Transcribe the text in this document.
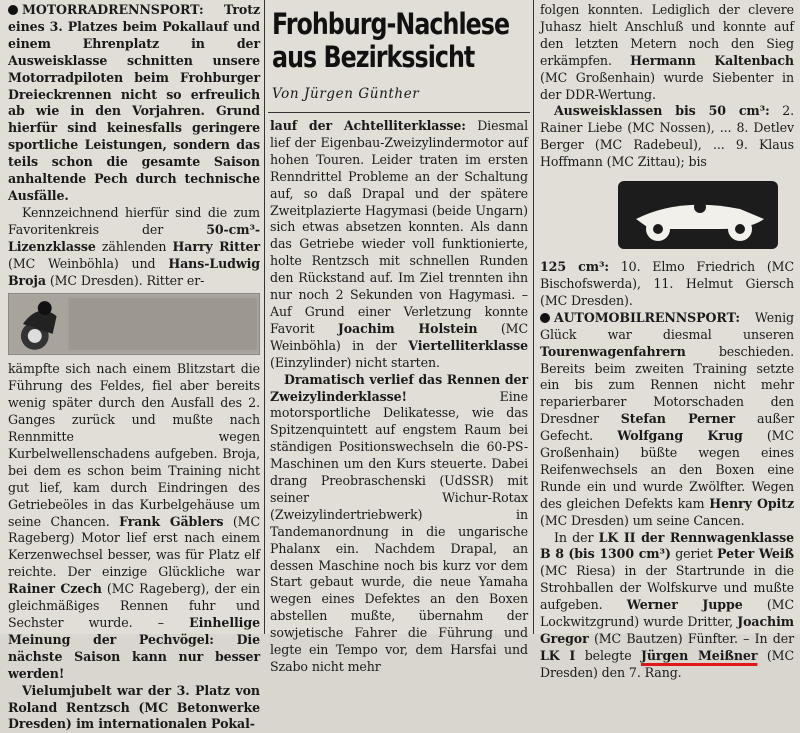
Frohburg-Nachlese
aus Bezirkssicht
Von Jürgen Günther

MOTORRADRENNSPORT: Trotz eines 3. Platzes beim Pokallauf und einem Ehrenplatz in der Ausweisklasse schnitten unsere Motorradpiloten beim Frohburger Dreieckrennen nicht so erfreulich ab wie in den Vorjahren. Grund hierfür sind keinesfalls geringere sportliche Leistungen, sondern das teils schon die gesamte Saison anhaltende Pech durch technische Ausfälle.

Kennzeichnend hierfür sind die zum Favoritenkreis der	50-cm³-Lizenzklasse zählenden Harry Ritter (MC Weinböhla) und Hans-Ludwig Broja (MC Dresden). Ritter er-

kämpfte sich nach einem Blitzstart die Führung des Feldes, fiel aber bereits wenig später durch den Ausfall des 2. Ganges zurück und mußte nach Rennmitte wegen Kurbelwellenschadens aufgeben. Broja, bei dem es schon beim Training nicht gut lief, kam durch Eindringen des Getriebeöles in das Kurbelgehäuse um seine Chancen. Frank Gäblers (MC Rageberg) Motor lief erst nach einem Kerzenwechsel besser, was für Platz elf reichte. Der einzige Glückliche war Rainer Czech (MC Rageberg), der ein gleichmäßiges Rennen fuhr und Sechster wurde. – Einhellige Meinung der Pechvögel: Die nächste Saison kann nur besser werden!

Vielumjubelt war der 3. Platz von Roland Rentzsch (MC Betonwerke Dresden) im internationalen Pokal-

lauf der Achtelliterklasse: Diesmal lief der Eigenbau-Zweizylindermotor auf hohen Touren. Leider traten im ersten Renndrittel Probleme an der Schaltung auf, so daß Drapal und der spätere Zweitplazierte Hagymasi (beide Ungarn) sich etwas absetzen konnten. Als dann das Getriebe wieder voll funktionierte, holte Rentzsch mit schnellen Runden den Rückstand auf. Im Ziel trennten ihn nur noch 2 Sekunden von Hagymasi. – Auf Grund einer Verletzung konnte Favorit Joachim Holstein (MC Weinböhla) in der Viertelliterklasse (Einzylinder) nicht starten.

Dramatisch verlief das Rennen der Zweizylinderklasse!	Eine motorsportliche Delikatesse, wie das Spitzenquintett auf engstem Raum bei ständigen Positionswechseln die 60-PS-Maschinen um den Kurs steuerte. Dabei drang Preobraschenski (UdSSR) mit seiner Wichur-Rotax (Zweizylindertriebwerk) in Tandemanordnung in die ungarische Phalanx ein. Nachdem Drapal, an dessen Maschine noch bis kurz vor dem Start gebaut wurde, die neue Yamaha wegen eines Defektes an den Boxen abstellen mußte, übernahm der sowjetische Fahrer die Führung und legte ein Tempo vor, dem Harsfai und Szabo nicht mehr

folgen konnten. Lediglich der clevere Juhasz hielt Anschluß und konnte auf den letzten Metern noch den Sieg erkämpfen. Hermann Kaltenbach (MC Großenhain) wurde Siebenter in der DDR-Wertung.

Ausweisklassen bis 50 cm³: 2. Rainer Liebe (MC Nossen), ... 8. Detlev Berger (MC Radebeul), ... 9. Klaus Hoffmann (MC Zittau); bis

125 cm³: 10. Elmo Friedrich (MC Bischofswerda), 11. Helmut Giersch (MC Dresden).

AUTOMOBILRENNSPORT: Wenig Glück war diesmal unseren Tourenwagenfahrern	beschieden. Bereits beim zweiten Training setzte ein bis zum Rennen nicht mehr reparierbarer Motorschaden den Dresdner Stefan Perner außer Gefecht. Wolfgang Krug (MC Großenhain) büßte wegen eines Reifenwechsels an den Boxen eine Runde ein und wurde Zwölfter. Wegen des gleichen Defekts kam Henry Opitz (MC Dresden) um seine Cancen.

In der LK II der Rennwagenklasse B 8 (bis 1300 cm³) geriet Peter Weiß (MC Riesa) in der Startrunde in die Strohballen der Wolfskurve und mußte aufgeben. Werner Juppe (MC Lockwitzgrund) wurde Dritter, Joachim Gregor (MC Bautzen) Fünfter. – In der LK I belegte Jürgen Meißner (MC Dresden) den 7. Rang.
